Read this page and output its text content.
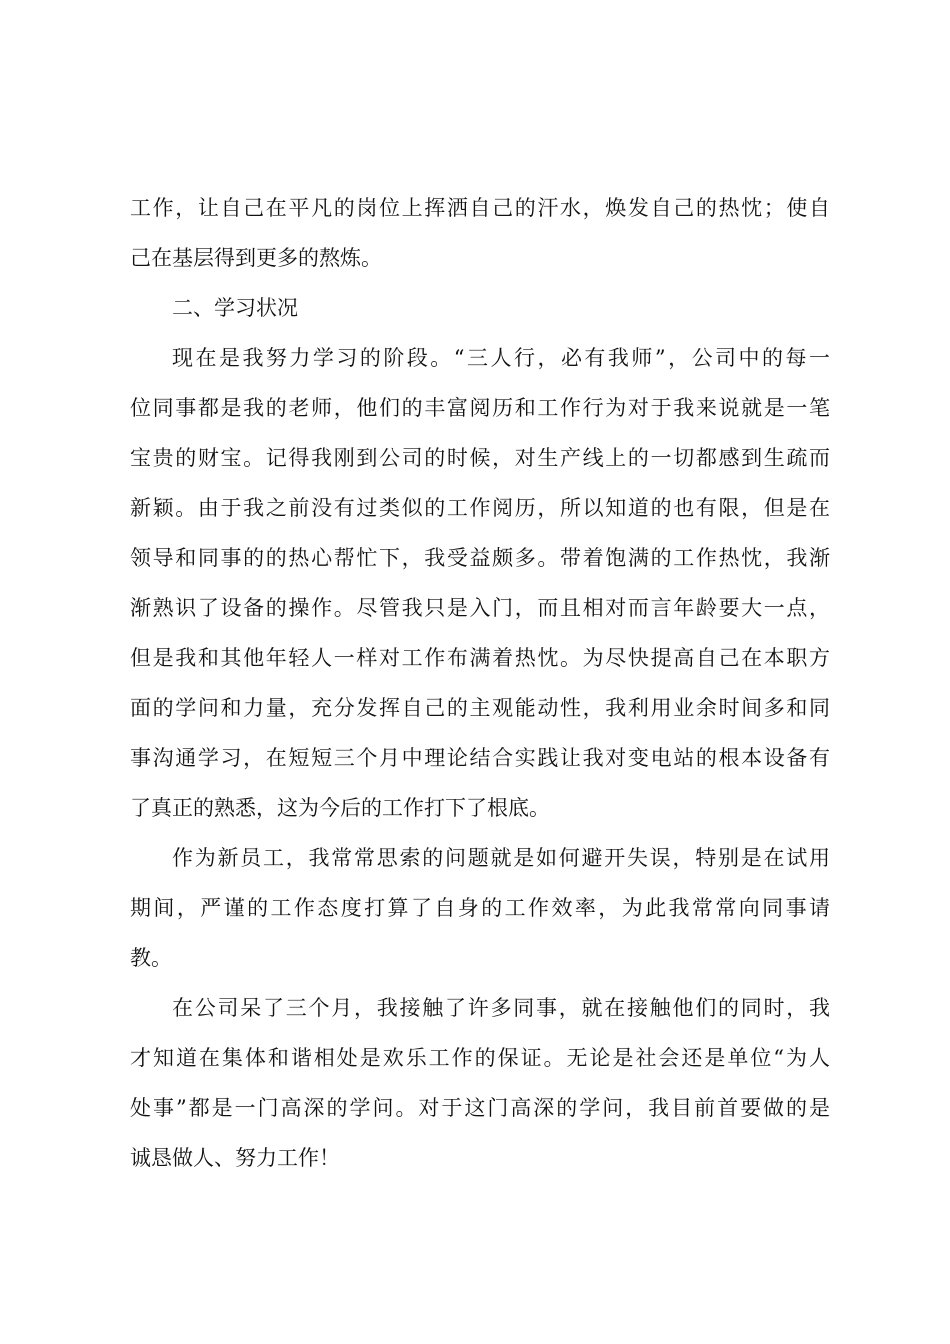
工作，让自己在平凡的岗位上挥洒自己的汗水，焕发自己的热忱；使自
己在基层得到更多的熬炼。
二、学习状况
现在是我努力学习的阶段。“三人行，必有我师”，公司中的每一
位同事都是我的老师，他们的丰富阅历和工作行为对于我来说就是一笔
宝贵的财宝。记得我刚到公司的时候，对生产线上的一切都感到生疏而
新颖。由于我之前没有过类似的工作阅历，所以知道的也有限，但是在
领导和同事的的热心帮忙下，我受益颇多。带着饱满的工作热忱，我渐
渐熟识了设备的操作。尽管我只是入门，而且相对而言年龄要大一点，
但是我和其他年轻人一样对工作布满着热忱。为尽快提高自己在本职方
面的学问和力量，充分发挥自己的主观能动性，我利用业余时间多和同
事沟通学习，在短短三个月中理论结合实践让我对变电站的根本设备有
了真正的熟悉，这为今后的工作打下了根底。
作为新员工，我常常思索的问题就是如何避开失误，特别是在试用
期间，严谨的工作态度打算了自身的工作效率，为此我常常向同事请
教。
在公司呆了三个月，我接触了许多同事，就在接触他们的同时，我
才知道在集体和谐相处是欢乐工作的保证。无论是社会还是单位“为人
处事”都是一门高深的学问。对于这门高深的学问，我目前首要做的是
诚恳做人、努力工作！
